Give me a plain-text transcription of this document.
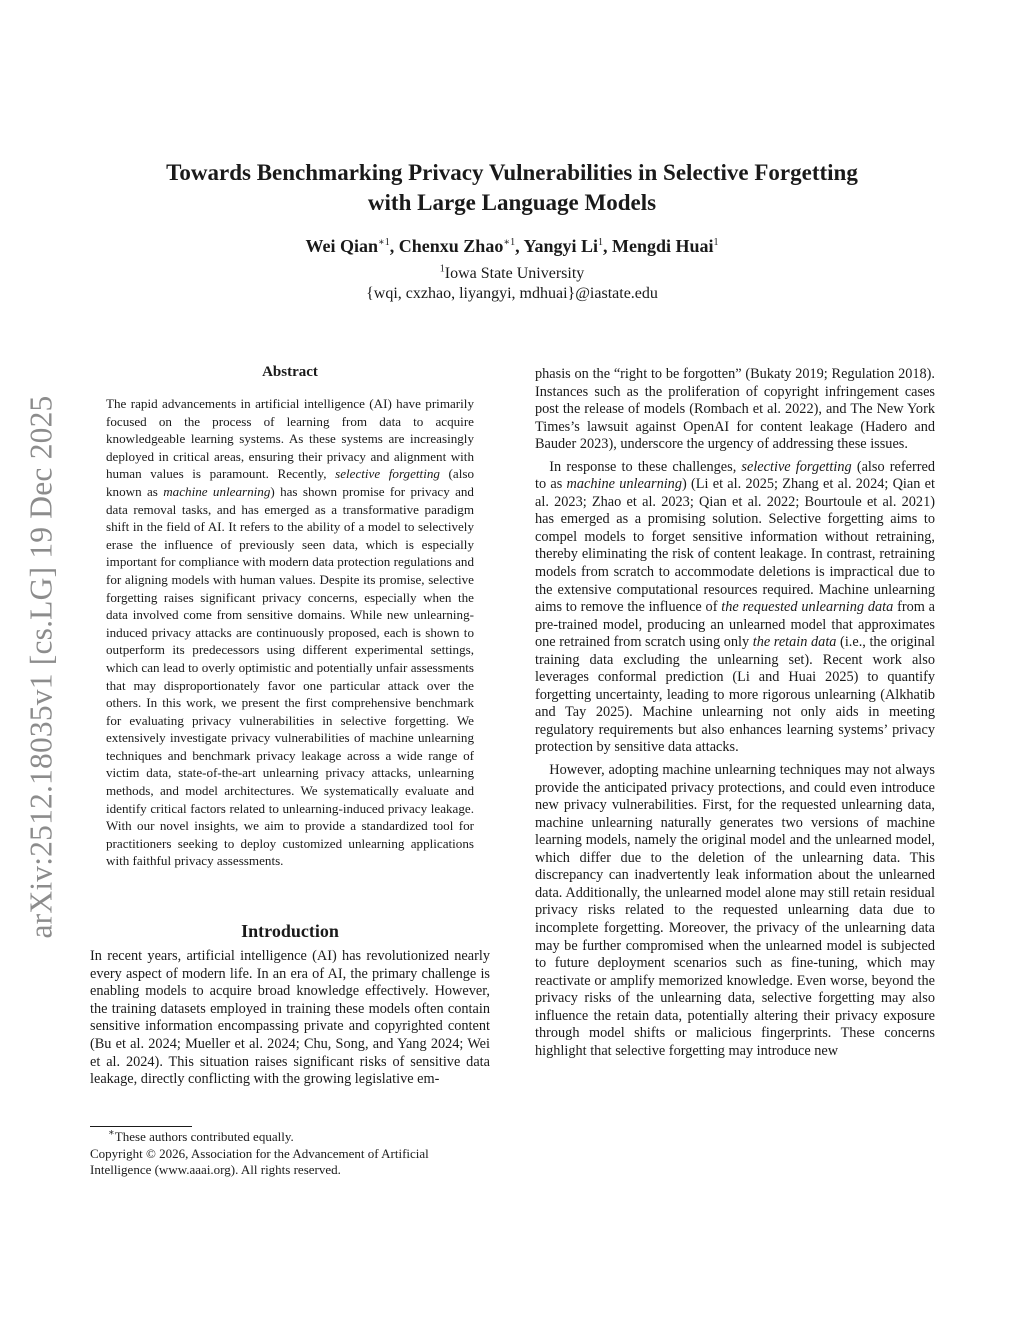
arXiv:2512.18035v1 [cs.LG] 19 Dec 2025
Towards Benchmarking Privacy Vulnerabilities in Selective Forgetting
with Large Language Models
Wei Qian$^{∗1}$, Chenxu Zhao$^{∗1}$, Yangyi Li$^1$, Mengdi Huai$^1$
$^1$Iowa State University
{wqi, cxzhao, liyangyi, mdhuai}@iastate.edu
Abstract
The rapid advancements in artificial intelligence (AI) have primarily focused on the process of learning from data to acquire knowledgeable learning systems. As these systems are increasingly deployed in critical areas, ensuring their privacy and alignment with human values is paramount. Recently, selective forgetting (also known as machine unlearning) has shown promise for privacy and data removal tasks, and has emerged as a transformative paradigm shift in the field of AI. It refers to the ability of a model to selectively erase the influence of previously seen data, which is especially important for compliance with modern data protection regulations and for aligning models with human values. Despite its promise, selective forgetting raises significant privacy concerns, especially when the data involved come from sensitive domains. While new unlearning-induced privacy attacks are continuously proposed, each is shown to outperform its predecessors using different experimental settings, which can lead to overly optimistic and potentially unfair assessments that may disproportionately favor one particular attack over the others. In this work, we present the first comprehensive benchmark for evaluating privacy vulnerabilities in selective forgetting. We extensively investigate privacy vulnerabilities of machine unlearning techniques and benchmark privacy leakage across a wide range of victim data, state-of-the-art unlearning privacy attacks, unlearning methods, and model architectures. We systematically evaluate and identify critical factors related to unlearning-induced privacy leakage. With our novel insights, we aim to provide a standardized tool for practitioners seeking to deploy customized unlearning applications with faithful privacy assessments.
Introduction

In recent years, artificial intelligence (AI) has revolutionized nearly every aspect of modern life. In an era of AI, the primary challenge is enabling models to acquire broad knowledge effectively. However, the training datasets employed in training these models often contain sensitive information encompassing private and copyrighted content (Bu et al. 2024; Mueller et al. 2024; Chu, Song, and Yang 2024; Wei et al. 2024). This situation raises significant risks of sensitive data leakage, directly conflicting with the growing legislative em-

∗These authors contributed equally.
Copyright © 2026, Association for the Advancement of Artificial Intelligence (www.aaai.org). All rights reserved.

phasis on the “right to be forgotten” (Bukaty 2019; Regulation 2018). Instances such as the proliferation of copyright infringement cases post the release of models (Rombach et al. 2022), and The New York Times’s lawsuit against OpenAI for content leakage (Hadero and Bauder 2023), underscore the urgency of addressing these issues.

In response to these challenges, selective forgetting (also referred to as machine unlearning) (Li et al. 2025; Zhang et al. 2024; Qian et al. 2023; Zhao et al. 2023; Qian et al. 2022; Bourtoule et al. 2021) has emerged as a promising solution. Selective forgetting aims to compel models to forget sensitive information without retraining, thereby eliminating the risk of content leakage. In contrast, retraining models from scratch to accommodate deletions is impractical due to the extensive computational resources required. Machine unlearning aims to remove the influence of the requested unlearning data from a pre-trained model, producing an unlearned model that approximates one retrained from scratch using only the retain data (i.e., the original training data excluding the unlearning set). Recent work also leverages conformal prediction (Li and Huai 2025) to quantify forgetting uncertainty, leading to more rigorous unlearning (Alkhatib and Tay 2025). Machine unlearning not only aids in meeting regulatory requirements but also enhances learning systems’ privacy protection by sensitive data attacks.

However, adopting machine unlearning techniques may not always provide the anticipated privacy protections, and could even introduce new privacy vulnerabilities. First, for the requested unlearning data, machine unlearning naturally generates two versions of machine learning models, namely the original model and the unlearned model, which differ due to the deletion of the unlearning data. This discrepancy can inadvertently leak information about the unlearned data. Additionally, the unlearned model alone may still retain residual privacy risks related to the requested unlearning data due to incomplete forgetting. Moreover, the privacy of the unlearning data may be further compromised when the unlearned model is subjected to future deployment scenarios such as fine-tuning, which may reactivate or amplify memorized knowledge. Even worse, beyond the privacy risks of the unlearning data, selective forgetting may also influence the retain data, potentially altering their privacy exposure through model shifts or malicious fingerprints. These concerns highlight that selective forgetting may introduce new
